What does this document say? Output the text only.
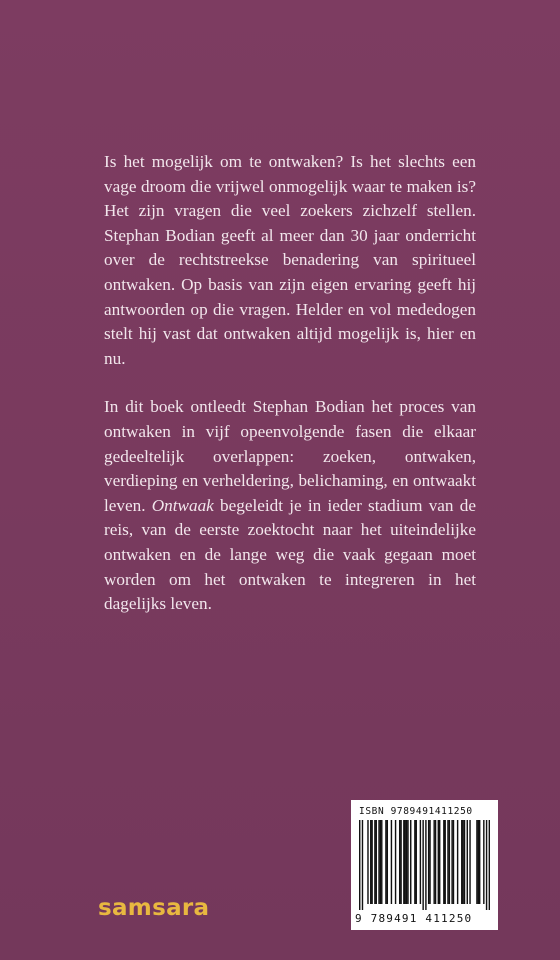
Is het mogelijk om te ontwaken? Is het slechts een vage droom die vrijwel onmogelijk waar te maken is? Het zijn vragen die veel zoekers zichzelf stellen. Stephan Bodian geeft al meer dan 30 jaar onderricht over de rechtstreekse benadering van spiritueel ontwaken. Op basis van zijn eigen ervaring geeft hij antwoorden op die vragen. Helder en vol mededogen stelt hij vast dat ontwaken altijd mogelijk is, hier en nu.

In dit boek ontleedt Stephan Bodian het proces van ontwaken in vijf opeenvolgende fasen die elkaar gedeeltelijk overlappen: zoeken, ontwaken, verdieping en verheldering, belichaming, en ontwaakt leven. Ontwaak begeleidt je in ieder stadium van de reis, van de eerste zoektocht naar het uiteindelijke ontwaken en de lange weg die vaak gegaan moet worden om het ontwaken te integreren in het dagelijks leven.

ISBN 9789491411250
9 789491 411250
samsara
